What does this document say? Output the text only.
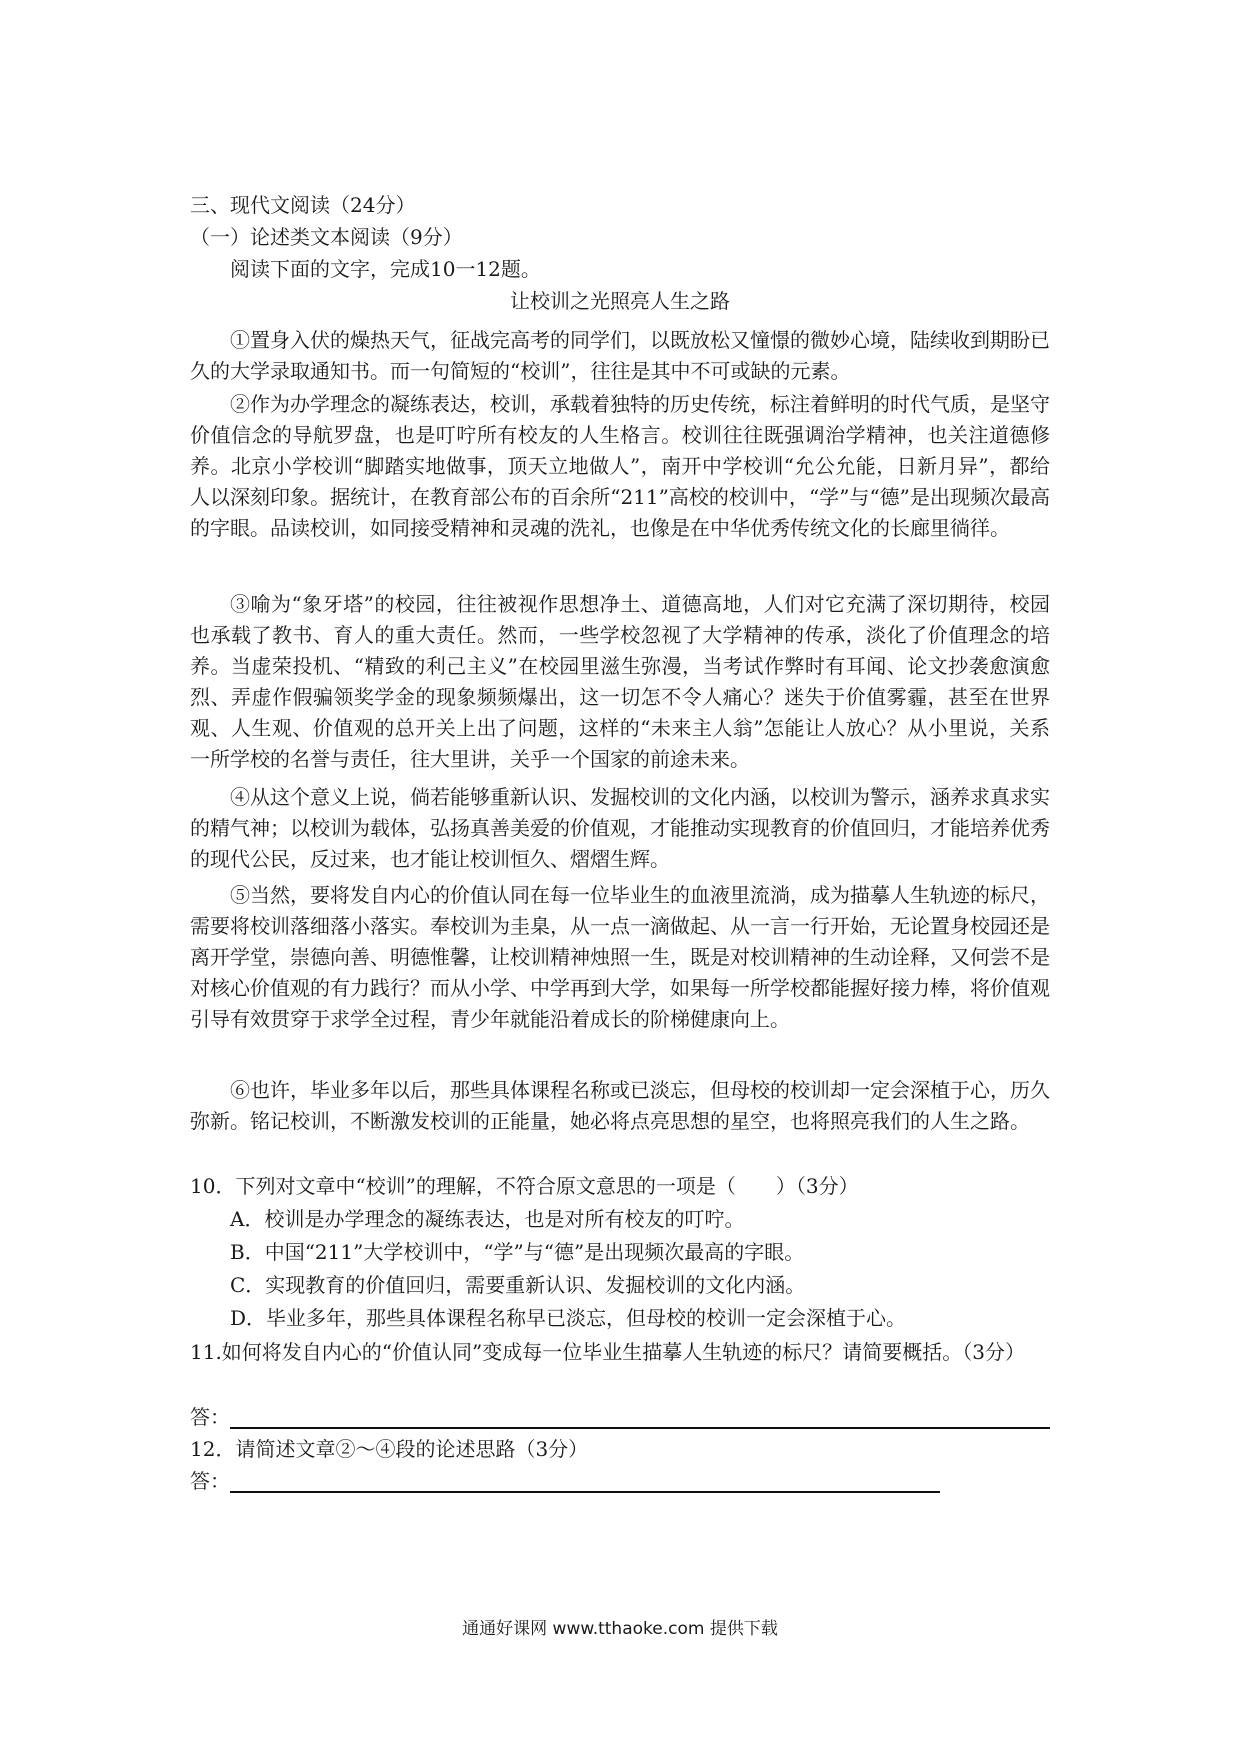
三、现代文阅读（24分）
（一）论述类文本阅读（9分）
阅读下面的文字，完成10一12题。
让校训之光照亮人生之路
①置身入伏的燥热天气，征战完高考的同学们，以既放松又憧憬的微妙心境，陆续收到期盼已久的大学录取通知书。而一句简短的“校训”，往往是其中不可或缺的元素。
②作为办学理念的凝练表达，校训，承载着独特的历史传统，标注着鲜明的时代气质，是坚守价值信念的导航罗盘，也是叮咛所有校友的人生格言。校训往往既强调治学精神，也关注道德修养。北京小学校训“脚踏实地做事，顶天立地做人”，南开中学校训“允公允能，日新月异”，都给人以深刻印象。据统计，在教育部公布的百余所“211”高校的校训中，“学”与“德”是出现频次最高的字眼。品读校训，如同接受精神和灵魂的洗礼，也像是在中华优秀传统文化的长廊里徜徉。
③喻为“象牙塔”的校园，往往被视作思想净土、道德高地，人们对它充满了深切期待，校园也承载了教书、育人的重大责任。然而，一些学校忽视了大学精神的传承，淡化了价值理念的培养。当虚荣投机、“精致的利己主义”在校园里滋生弥漫，当考试作弊时有耳闻、论文抄袭愈演愈烈、弄虚作假骗领奖学金的现象频频爆出，这一切怎不令人痛心？迷失于价值雾霾，甚至在世界观、人生观、价值观的总开关上出了问题，这样的“未来主人翁”怎能让人放心？从小里说，关系一所学校的名誉与责任，往大里讲，关乎一个国家的前途未来。
④从这个意义上说，倘若能够重新认识、发掘校训的文化内涵，以校训为警示，涵养求真求实的精气神；以校训为载体，弘扬真善美爱的价值观，才能推动实现教育的价值回归，才能培养优秀的现代公民，反过来，也才能让校训恒久、熠熠生辉。
⑤当然，要将发自内心的价值认同在每一位毕业生的血液里流淌，成为描摹人生轨迹的标尺，需要将校训落细落小落实。奉校训为圭臬，从一点一滴做起、从一言一行开始，无论置身校园还是离开学堂，崇德向善、明德惟馨，让校训精神烛照一生，既是对校训精神的生动诠释，又何尝不是对核心价值观的有力践行？而从小学、中学再到大学，如果每一所学校都能握好接力棒，将价值观引导有效贯穿于求学全过程，青少年就能沿着成长的阶梯健康向上。
⑥也许，毕业多年以后，那些具体课程名称或已淡忘，但母校的校训却一定会深植于心，历久弥新。铭记校训，不断激发校训的正能量，她必将点亮思想的星空，也将照亮我们的人生之路。
10．下列对文章中“校训”的理解，不符合原文意思的一项是（　　）（3分）
A．校训是办学理念的凝练表达，也是对所有校友的叮咛。
B．中国“211”大学校训中，“学”与“德”是出现频次最高的字眼。
C．实现教育的价值回归，需要重新认识、发掘校训的文化内涵。
D．毕业多年，那些具体课程名称早已淡忘，但母校的校训一定会深植于心。
11.如何将发自内心的“价值认同”变成每一位毕业生描摹人生轨迹的标尺？请简要概括。（3分）
答：
12．请简述文章②～④段的论述思路（3分）
答：
通通好课网 www.tthaoke.com 提供下载
